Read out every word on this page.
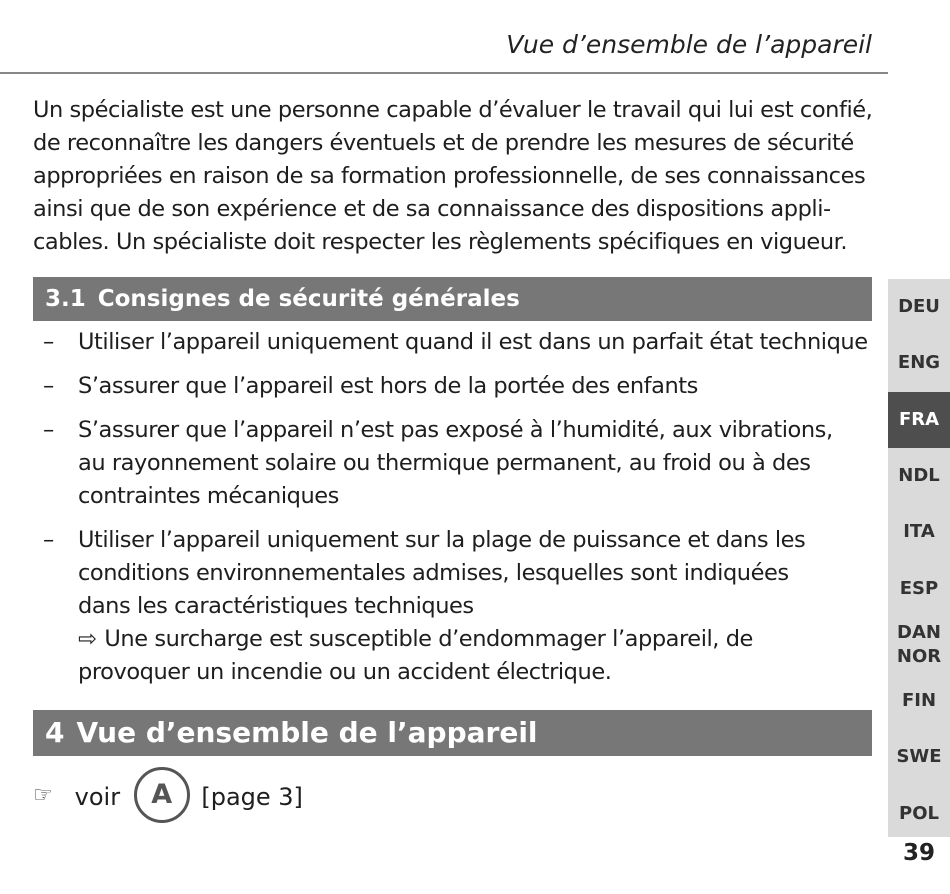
Vue d’ensemble de l’appareil
Un spécialiste est une personne capable d’évaluer le travail qui lui est confié,
de reconnaître les dangers éventuels et de prendre les mesures de sécurité
appropriées en raison de sa formation professionnelle, de ses connaissances
ainsi que de son expérience et de sa connaissance des dispositions appli-
cables. Un spécialiste doit respecter les règlements spécifiques en vigueur.
3.1 Consignes de sécurité générales
– Utiliser l’appareil uniquement quand il est dans un parfait état technique
– S’assurer que l’appareil est hors de la portée des enfants
– S’assurer que l’appareil n’est pas exposé à l’humidité, aux vibrations,
au rayonnement solaire ou thermique permanent, au froid ou à des
contraintes mécaniques
– Utiliser l’appareil uniquement sur la plage de puissance et dans les
conditions environnementales admises, lesquelles sont indiquées
dans les caractéristiques techniques
⇨ Une surcharge est susceptible d’endommager l’appareil, de
provoquer un incendie ou un accident électrique.
4 Vue d’ensemble de l’appareil
☞ voir A [page 3]
DEU
ENG
FRA
NDL
ITA
ESP
DAN
NOR
FIN
SWE
POL
39
